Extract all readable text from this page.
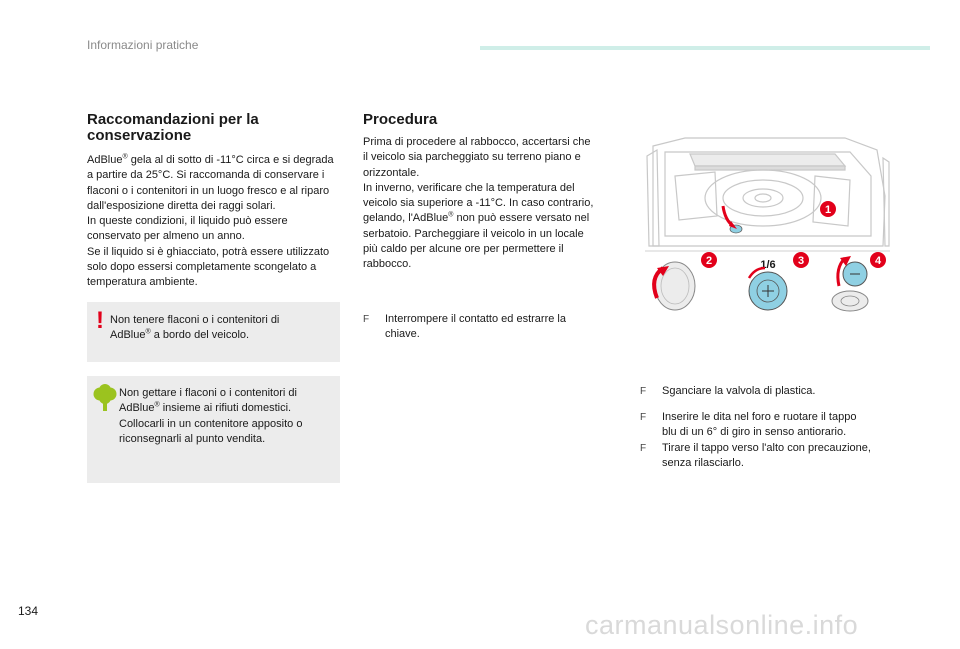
Informazioni pratiche
Raccomandazioni per la
conservazione

AdBlue® gela al di sotto di -11°C circa e si degrada

a partire da 25°C. Si raccomanda di conservare i

flaconi o i contenitori in un luogo fresco e al riparo

dall'esposizione diretta dei raggi solari.

In queste condizioni, il liquido può essere

conservato per almeno un anno.

Se il liquido si è ghiacciato, potrà essere utilizzato

solo dopo essersi completamente scongelato a

temperatura ambiente.

! Non tenere flaconi o i contenitori di
AdBlue® a bordo del veicolo.
Non gettare i flaconi o i contenitori di
AdBlue® insieme ai rifiuti domestici.
Collocarli in un contenitore apposito o
riconsegnarli al punto vendita.
Procedura

Prima di procedere al rabbocco, accertarsi che

il veicolo sia parcheggiato su terreno piano e

orizzontale.

In inverno, verificare che la temperatura del

veicolo sia superiore a -11°C. In caso contrario,

gelando, l'AdBlue® non può essere versato nel

serbatoio. Parcheggiare il veicolo in un locale

più caldo per alcune ore per permettere il

rabbocco.

F Interrompere il contatto ed estrarre la
chiave.
1
2	1/6 3	4
F Sganciare la valvola di plastica.
F Inserire le dita nel foro e ruotare il tappo
blu di un 6° di giro in senso antiorario.
F Tirare il tappo verso l'alto con precauzione,
senza rilasciarlo.
134	carmanualsonline.info
